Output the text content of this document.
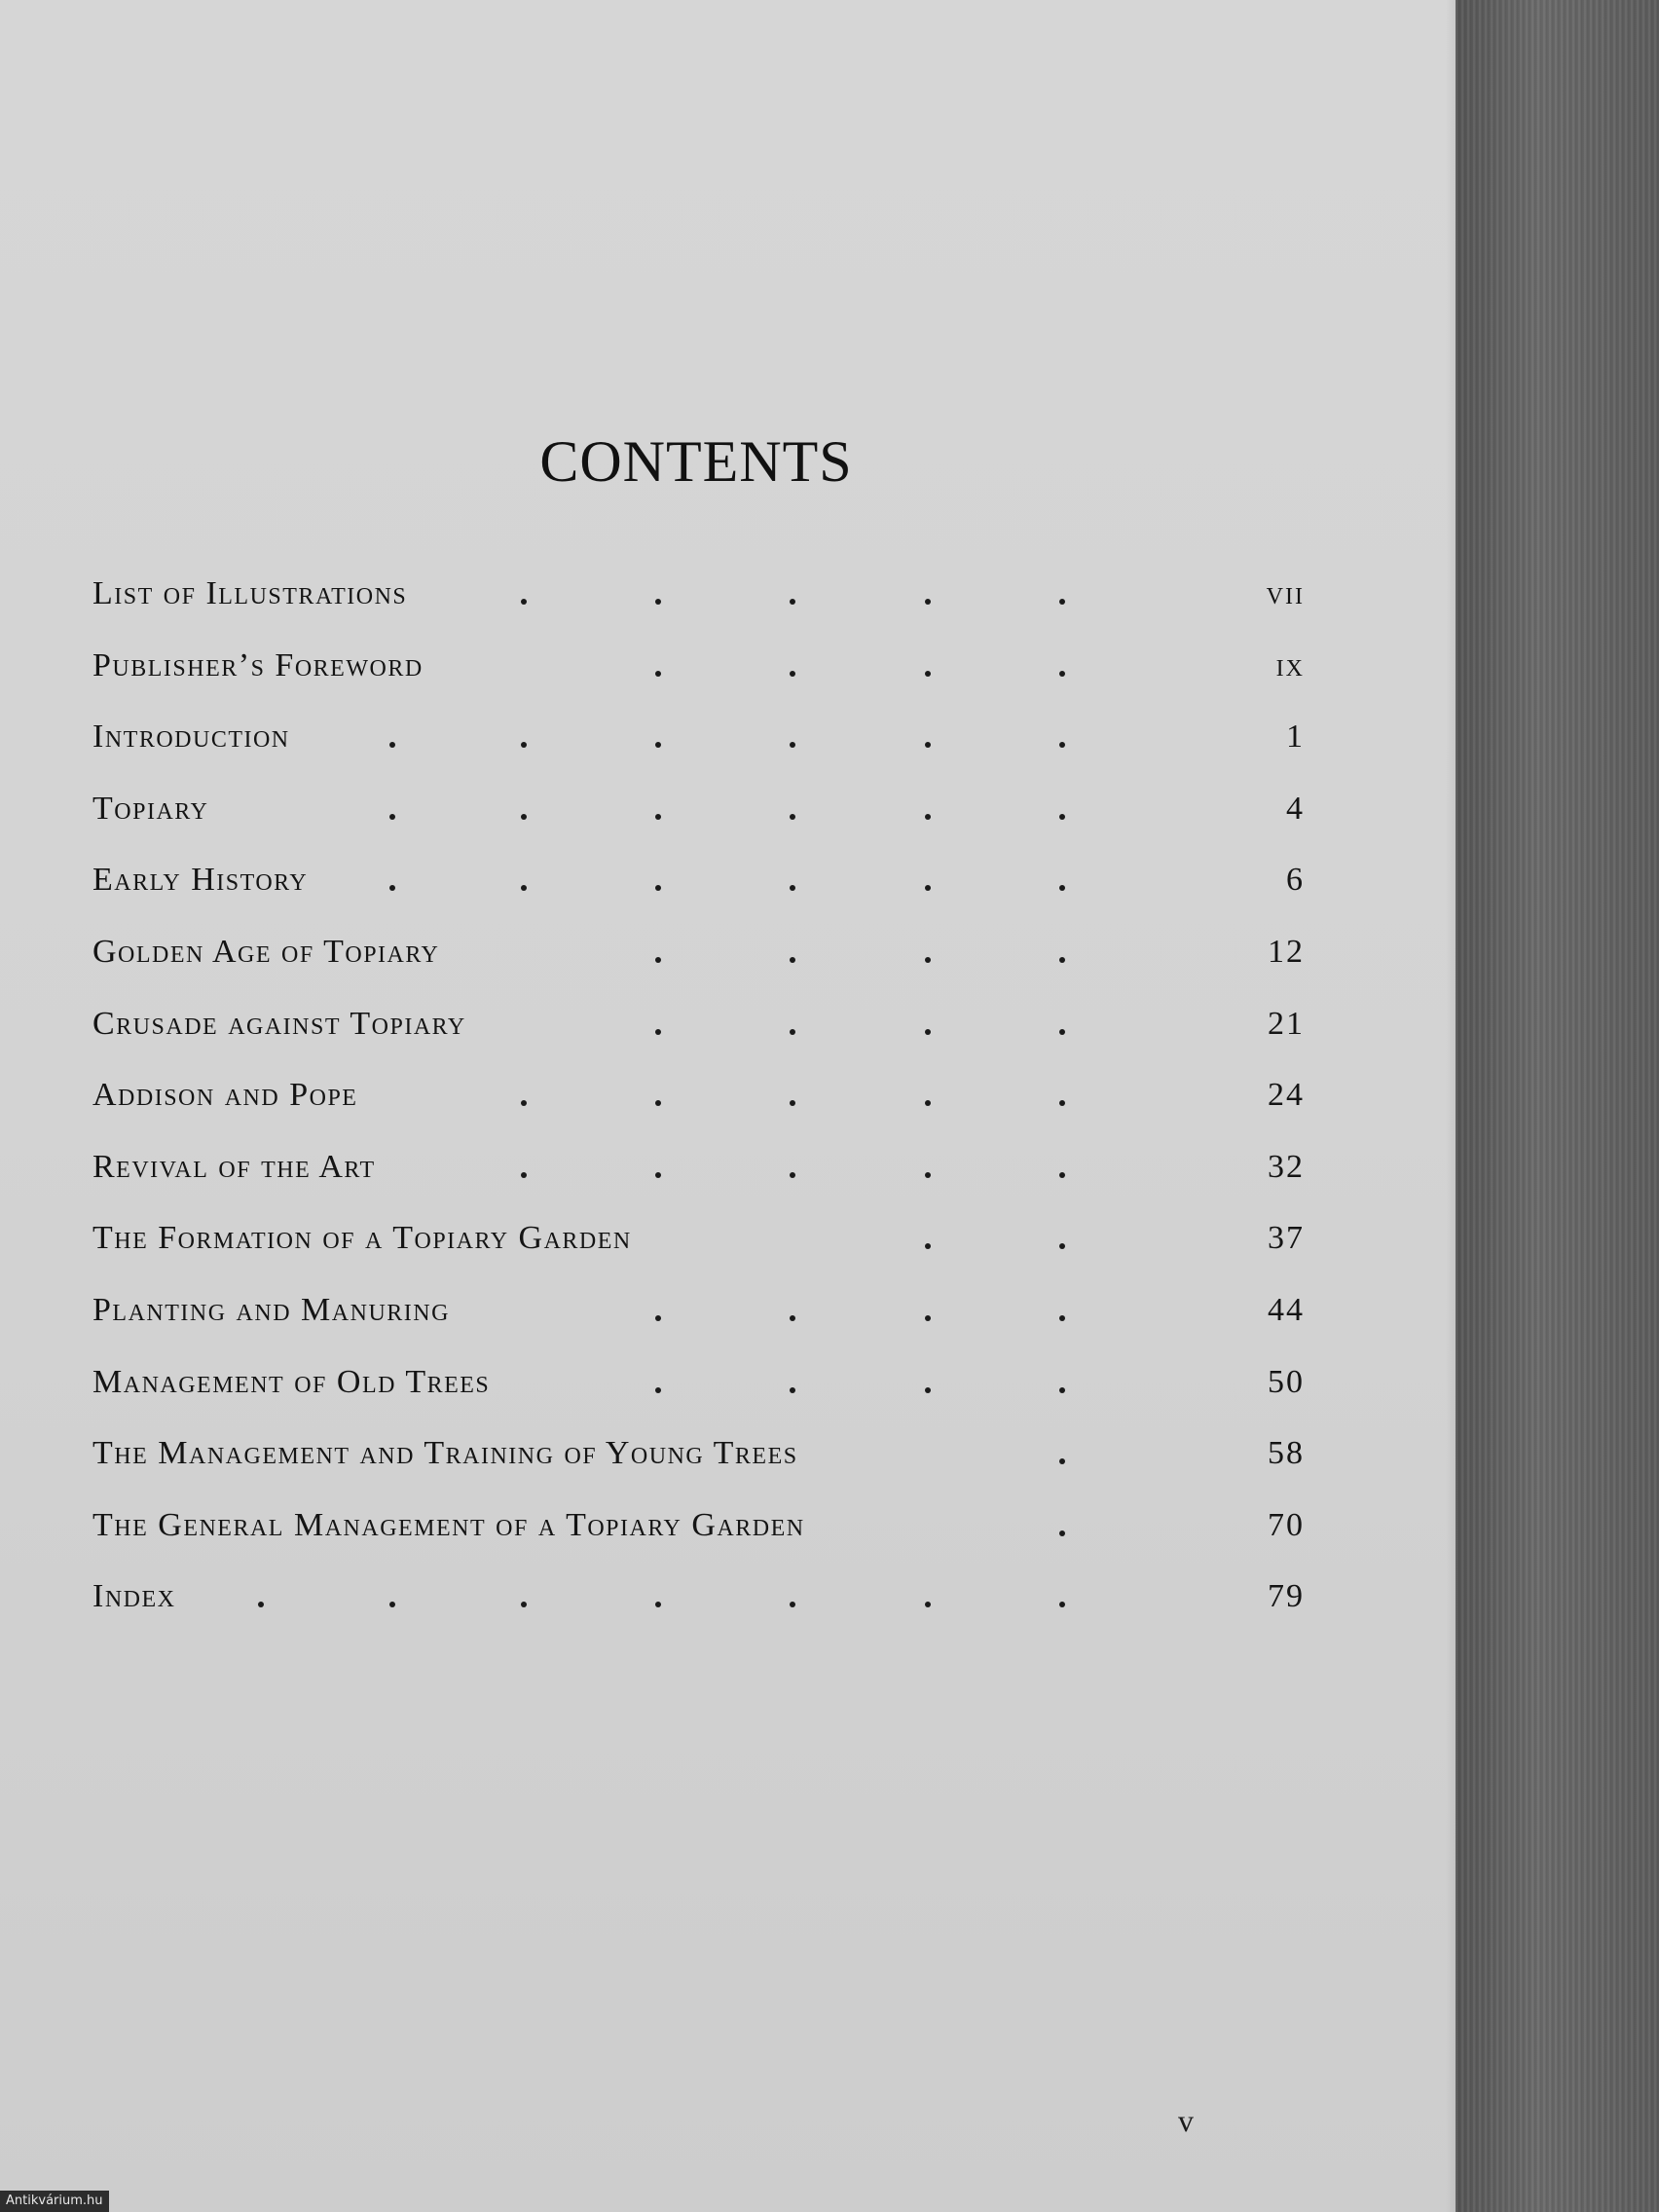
CONTENTS
List of Illustrations	vii
Publisher’s Foreword	ix
Introduction	1
Topiary	4
Early History	6
Golden Age of Topiary	12
Crusade against Topiary	21
Addison and Pope	24
Revival of the Art	32
The Formation of a Topiary Garden	37
Planting and Manuring	44
Management of Old Trees	50
The Management and Training of Young Trees	58
The General Management of a Topiary Garden	70
Index	79
v
Antikvárium.hu
